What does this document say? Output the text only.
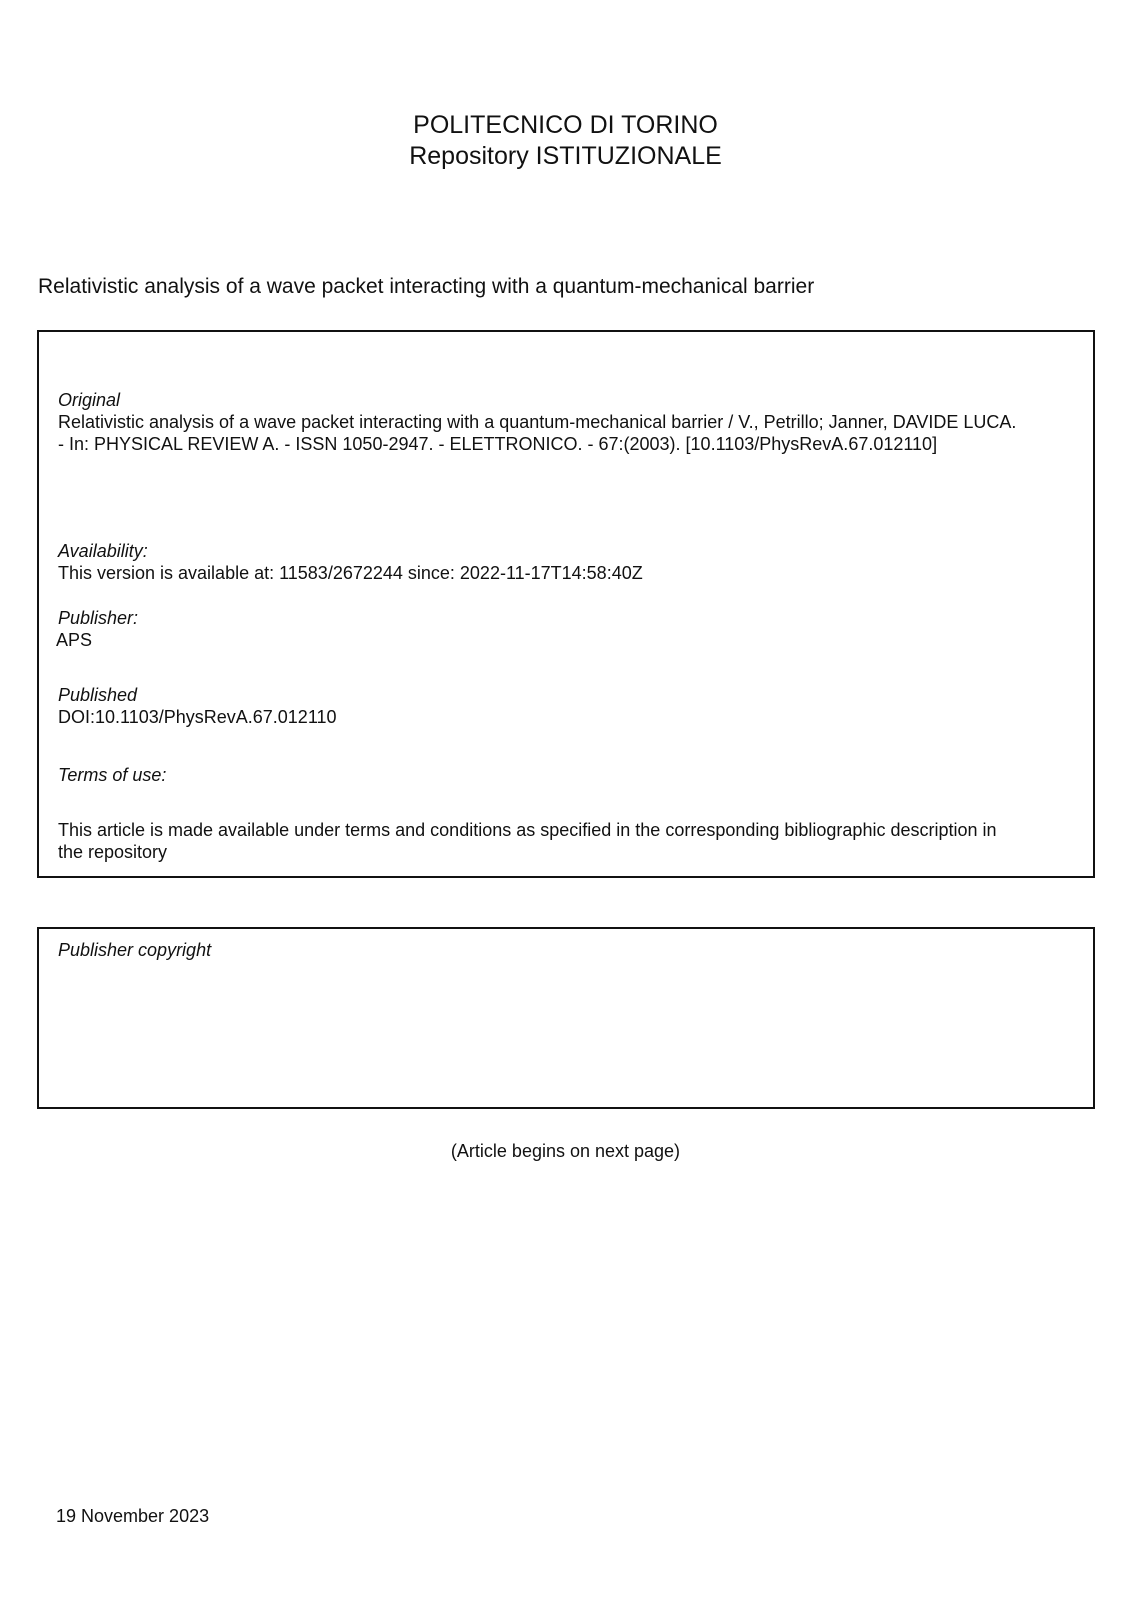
POLITECNICO DI TORINO
Repository ISTITUZIONALE
Relativistic analysis of a wave packet interacting with a quantum-mechanical barrier
Original
Relativistic analysis of a wave packet interacting with a quantum-mechanical barrier / V., Petrillo; Janner, DAVIDE LUCA.
- In: PHYSICAL REVIEW A. - ISSN 1050-2947. - ELETTRONICO. - 67:(2003). [10.1103/PhysRevA.67.012110]
Availability:
This version is available at: 11583/2672244 since: 2022-11-17T14:58:40Z
Publisher:
APS
Published
DOI:10.1103/PhysRevA.67.012110
Terms of use:
This article is made available under terms and conditions as specified in the corresponding bibliographic description in
the repository
Publisher copyright
(Article begins on next page)
19 November 2023
